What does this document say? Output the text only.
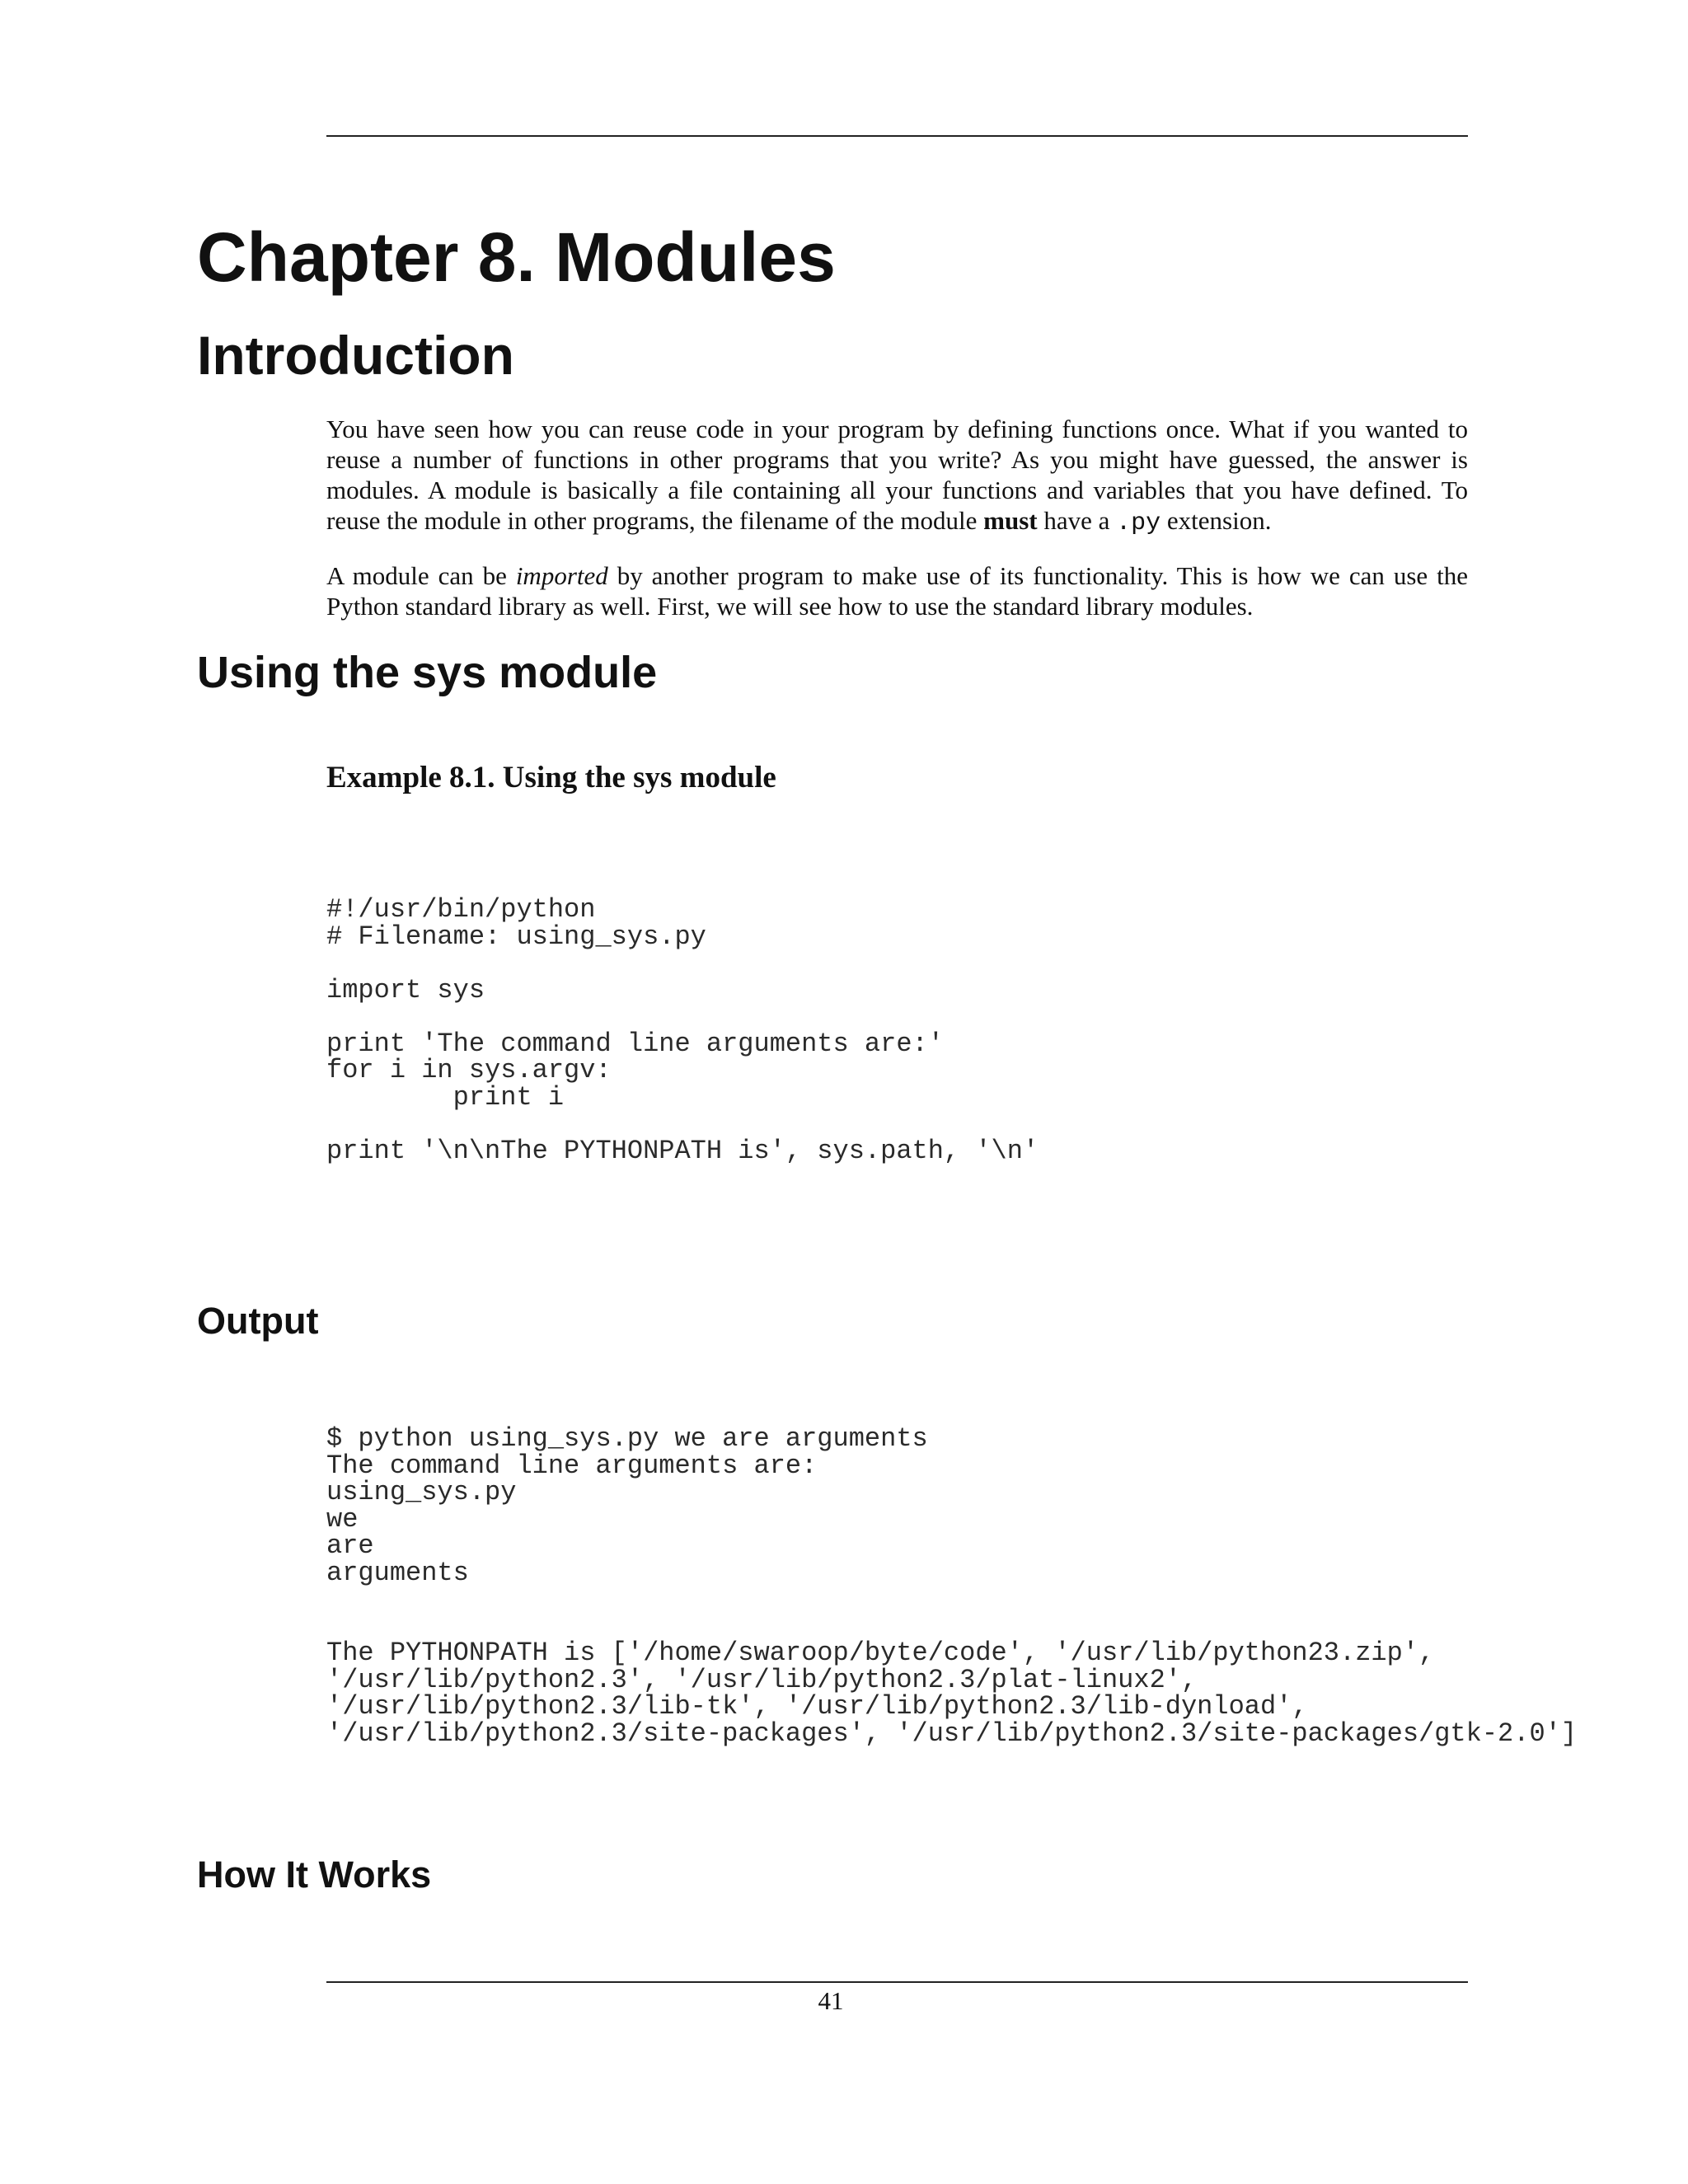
Chapter 8. Modules
Introduction

You have seen how you can reuse code in your program by defining functions once. What if you wanted to reuse a number of functions in other programs that you write? As you might have guessed, the answer is modules. A module is basically a file containing all your functions and variables that you have defined. To reuse the module in other programs, the filename of the module must have a .py extension.

A module can be imported by another program to make use of its functionality. This is how we can use the Python standard library as well. First, we will see how to use the standard library modules.

Using the sys module

Example 8.1. Using the sys module

#!/usr/bin/python
# Filename: using_sys.py

import sys

print 'The command line arguments are:'
for i in sys.argv:
print i

print '\n\nThe PYTHONPATH is', sys.path, '\n'
Output
$ python using_sys.py we are arguments
The command line arguments are:
using_sys.py
we
are
arguments

The PYTHONPATH is ['/home/swaroop/byte/code', '/usr/lib/python23.zip',
'/usr/lib/python2.3', '/usr/lib/python2.3/plat-linux2',
'/usr/lib/python2.3/lib-tk', '/usr/lib/python2.3/lib-dynload',
'/usr/lib/python2.3/site-packages', '/usr/lib/python2.3/site-packages/gtk-2.0']
How It Works
41
